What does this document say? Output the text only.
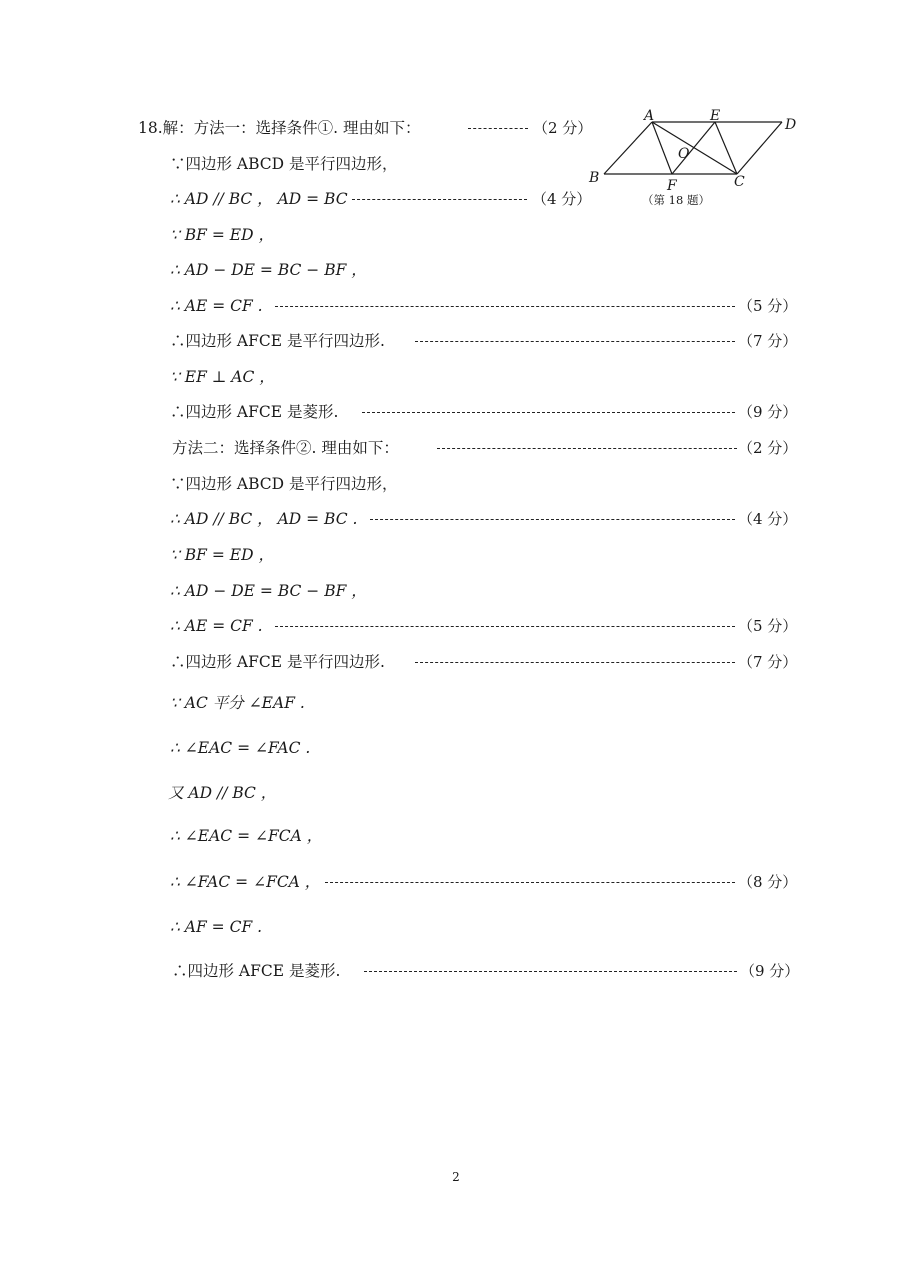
18.解：方法一：选择条件①. 理由如下：	（2 分）
∵四边形 ABCD 是平行四边形，
∴ AD // BC ， AD = BC	（4 分）
∵ BF = ED ，
∴ AD − DE = BC − BF ，
∴ AE = CF .	（5 分）
∴四边形 AFCE 是平行四边形.	（7 分）
∵ EF ⊥ AC ，
∴四边形 AFCE 是菱形.	（9 分）
方法二：选择条件②. 理由如下：	（2 分）
∵四边形 ABCD 是平行四边形，
∴ AD // BC ， AD = BC .	（4 分）
∵ BF = ED ，
∴ AD − DE = BC − BF ，
∴ AE = CF .	（5 分）
∴四边形 AFCE 是平行四边形.	（7 分）
∵ AC 平分 ∠EAF .
∴ ∠EAC = ∠FAC .
又 AD // BC ，
∴ ∠EAC = ∠FCA ，
∴ ∠FAC = ∠FCA ，	（8 分）
∴ AF = CF .
∴四边形 AFCE 是菱形.	（9 分）
A	E
D
O
B	F	C
（第 18 题）
2
